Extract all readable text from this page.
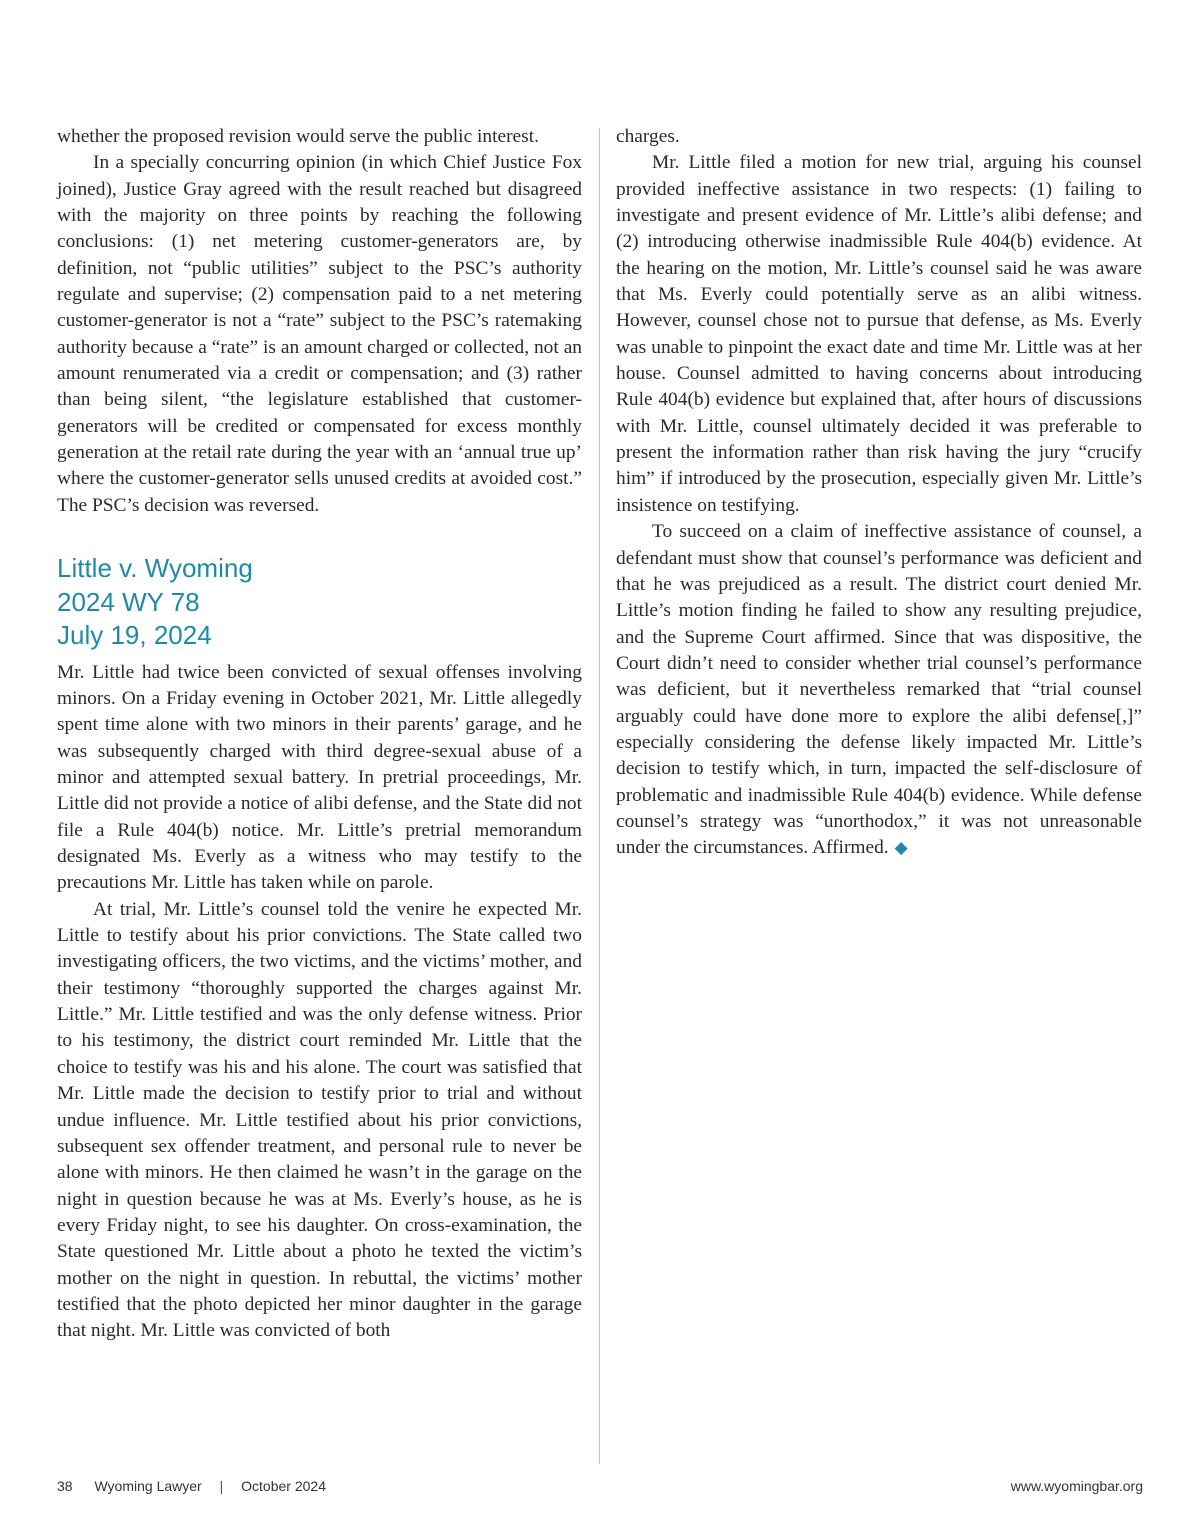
whether the proposed revision would serve the public interest.

In a specially concurring opinion (in which Chief Justice Fox joined), Justice Gray agreed with the result reached but disagreed with the majority on three points by reaching the following conclusions: (1) net metering customer-generators are, by definition, not “public utilities” subject to the PSC’s authority regulate and supervise; (2) compensation paid to a net metering customer-generator is not a “rate” subject to the PSC’s ratemaking authority because a “rate” is an amount charged or collected, not an amount renumerated via a credit or compensation; and (3) rather than being silent, “the legislature established that customer-generators will be credited or compensated for excess monthly generation at the retail rate during the year with an ‘annual true up’ where the customer-generator sells unused credits at avoided cost.” The PSC’s decision was reversed.

Little v. Wyoming
2024 WY 78
July 19, 2024

Mr. Little had twice been convicted of sexual offenses involving minors. On a Friday evening in October 2021, Mr. Little allegedly spent time alone with two minors in their parents’ garage, and he was subsequently charged with third degree-sexual abuse of a minor and attempted sexual battery. In pretrial proceedings, Mr. Little did not provide a notice of alibi defense, and the State did not file a Rule 404(b) notice. Mr. Little’s pretrial memorandum designated Ms. Everly as a witness who may testify to the precautions Mr. Little has taken while on parole.

At trial, Mr. Little’s counsel told the venire he expected Mr. Little to testify about his prior convictions. The State called two investigating officers, the two victims, and the victims’ mother, and their testimony “thoroughly supported the charges against Mr. Little.” Mr. Little testified and was the only defense witness. Prior to his testimony, the district court reminded Mr. Little that the choice to testify was his and his alone. The court was satisfied that Mr. Little made the decision to testify prior to trial and without undue influence. Mr. Little testified about his prior convictions, subsequent sex offender treatment, and personal rule to never be alone with minors. He then claimed he wasn’t in the garage on the night in question because he was at Ms. Everly’s house, as he is every Friday night, to see his daughter. On cross-examination, the State questioned Mr. Little about a photo he texted the victim’s mother on the night in question. In rebuttal, the victims’ mother testified that the photo depicted her minor daughter in the garage that night. Mr. Little was convicted of both

charges.

Mr. Little filed a motion for new trial, arguing his counsel provided ineffective assistance in two respects: (1) failing to investigate and present evidence of Mr. Little’s alibi defense; and (2) introducing otherwise inadmissible Rule 404(b) evidence. At the hearing on the motion, Mr. Little’s counsel said he was aware that Ms. Everly could potentially serve as an alibi witness. However, counsel chose not to pursue that defense, as Ms. Everly was unable to pinpoint the exact date and time Mr. Little was at her house. Counsel admitted to having concerns about introducing Rule 404(b) evidence but explained that, after hours of discussions with Mr. Little, counsel ultimately decided it was preferable to present the information rather than risk having the jury “crucify him” if introduced by the prosecution, especially given Mr. Little’s insistence on testifying.

To succeed on a claim of ineffective assistance of counsel, a defendant must show that counsel’s performance was deficient and that he was prejudiced as a result. The district court denied Mr. Little’s motion finding he failed to show any resulting prejudice, and the Supreme Court affirmed. Since that was dispositive, the Court didn’t need to consider whether trial counsel’s performance was deficient, but it nevertheless remarked that “trial counsel arguably could have done more to explore the alibi defense[,]” especially considering the defense likely impacted Mr. Little’s decision to testify which, in turn, impacted the self-disclosure of problematic and inadmissible Rule 404(b) evidence. While defense counsel’s strategy was “unorthodox,” it was not unreasonable under the circumstances. Affirmed. ◆

38 Wyoming Lawyer | October 2024	www.wyomingbar.org
